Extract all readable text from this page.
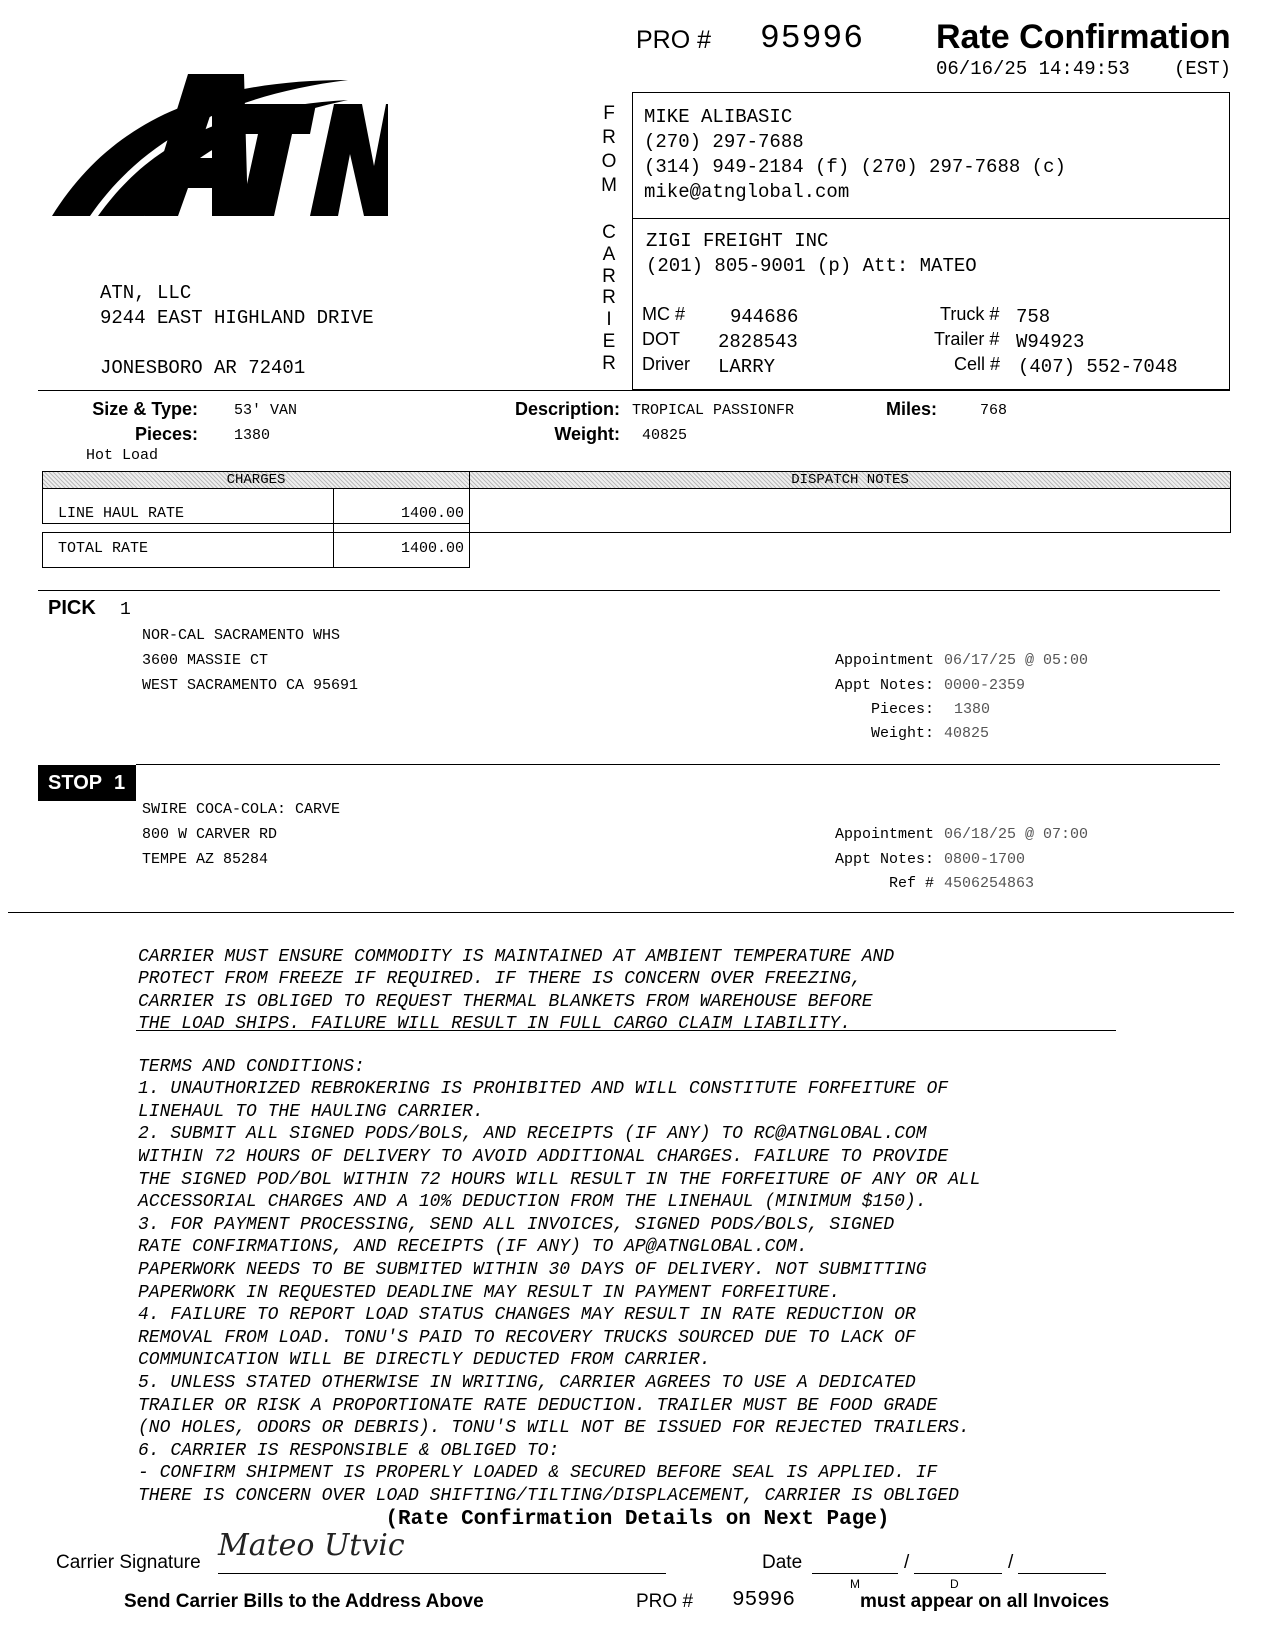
PRO # 95996 Rate Confirmation
06/16/25 14:49:53 (EST)
ATN, LLC
9244 EAST HIGHLAND DRIVE
JONESBORO AR 72401
F
R
O
M
C
A
R
R
I
E
R
MIKE ALIBASIC
(270) 297-7688
(314) 949-2184 (f) (270) 297-7688 (c)
mike@atnglobal.com
ZIGI FREIGHT INC
(201) 805-9001 (p) Att: MATEO
MC # 944686
DOT 2828543
Driver LARRY
Truck # 758
Trailer # W94923
Cell # (407) 552-7048
Size & Type: 53' VAN
Pieces: 1380
Hot Load
Description: TROPICAL PASSIONFR
Weight: 40825
Miles:	768
CHARGES	DISPATCH NOTES
LINE HAUL RATE	1400.00
TOTAL RATE	1400.00
PICK 1
NOR-CAL SACRAMENTO WHS
3600 MASSIE CT
WEST SACRAMENTO CA 95691
Appointment 06/17/25 @ 05:00
Appt Notes: 0000-2359
Pieces: 1380
Weight: 40825
STOP 1
SWIRE COCA-COLA: CARVE
800 W CARVER RD
TEMPE AZ 85284
Appointment 06/18/25 @ 07:00
Appt Notes: 0800-1700
Ref # 4506254863

CARRIER MUST ENSURE COMMODITY IS MAINTAINED AT AMBIENT TEMPERATURE AND
PROTECT FROM FREEZE IF REQUIRED. IF THERE IS CONCERN OVER FREEZING,
CARRIER IS OBLIGED TO REQUEST THERMAL BLANKETS FROM WAREHOUSE BEFORE
THE LOAD SHIPS. FAILURE WILL RESULT IN FULL CARGO CLAIM LIABILITY.

TERMS AND CONDITIONS:
1. UNAUTHORIZED REBROKERING IS PROHIBITED AND WILL CONSTITUTE FORFEITURE OF
LINEHAUL TO THE HAULING CARRIER.
2. SUBMIT ALL SIGNED PODS/BOLS, AND RECEIPTS (IF ANY) TO RC@ATNGLOBAL.COM
WITHIN 72 HOURS OF DELIVERY TO AVOID ADDITIONAL CHARGES. FAILURE TO PROVIDE
THE SIGNED POD/BOL WITHIN 72 HOURS WILL RESULT IN THE FORFEITURE OF ANY OR ALL
ACCESSORIAL CHARGES AND A 10% DEDUCTION FROM THE LINEHAUL (MINIMUM $150).
3. FOR PAYMENT PROCESSING, SEND ALL INVOICES, SIGNED PODS/BOLS, SIGNED
RATE CONFIRMATIONS, AND RECEIPTS (IF ANY) TO AP@ATNGLOBAL.COM.
PAPERWORK NEEDS TO BE SUBMITED WITHIN 30 DAYS OF DELIVERY. NOT SUBMITTING
PAPERWORK IN REQUESTED DEADLINE MAY RESULT IN PAYMENT FORFEITURE.
4. FAILURE TO REPORT LOAD STATUS CHANGES MAY RESULT IN RATE REDUCTION OR
REMOVAL FROM LOAD. TONU'S PAID TO RECOVERY TRUCKS SOURCED DUE TO LACK OF
COMMUNICATION WILL BE DIRECTLY DEDUCTED FROM CARRIER.
5. UNLESS STATED OTHERWISE IN WRITING, CARRIER AGREES TO USE A DEDICATED
TRAILER OR RISK A PROPORTIONATE RATE DEDUCTION. TRAILER MUST BE FOOD GRADE
(NO HOLES, ODORS OR DEBRIS). TONU'S WILL NOT BE ISSUED FOR REJECTED TRAILERS.
6. CARRIER IS RESPONSIBLE & OBLIGED TO:
- CONFIRM SHIPMENT IS PROPERLY LOADED & SECURED BEFORE SEAL IS APPLIED. IF
THERE IS CONCERN OVER LOAD SHIFTING/TILTING/DISPLACEMENT, CARRIER IS OBLIGED

(Rate Confirmation Details on Next Page)
Carrier Signature Mateo Utvic	Date	/	/
M	D
Send Carrier Bills to the Address Above	PRO # 95996	must appear on all Invoices
